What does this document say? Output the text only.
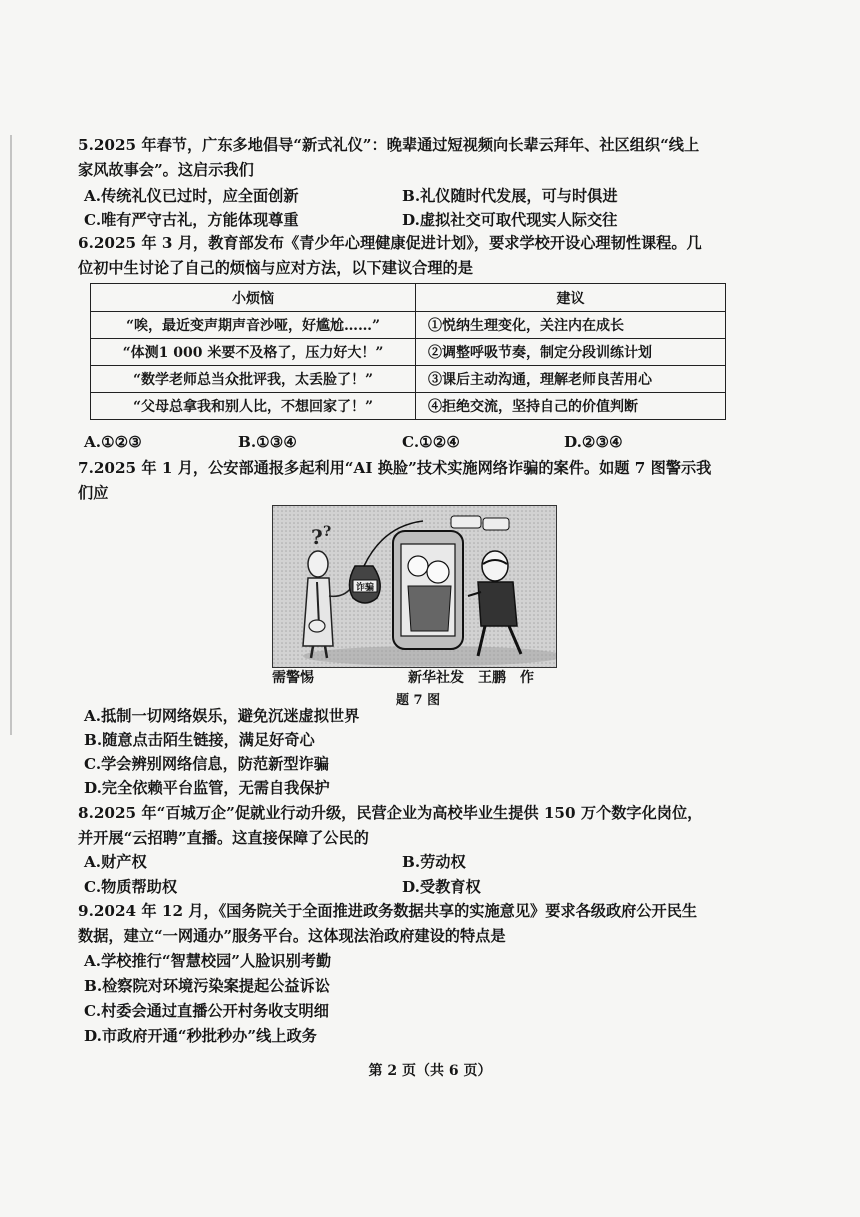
5.2025 年春节，广东多地倡导“新式礼仪”：晚辈通过短视频向长辈云拜年、社区组织“线上
家风故事会”。这启示我们
A.传统礼仪已过时，应全面创新	B.礼仪随时代发展，可与时俱进
C.唯有严守古礼，方能体现尊重	D.虚拟社交可取代现实人际交往
6.2025 年 3 月，教育部发布《青少年心理健康促进计划》，要求学校开设心理韧性课程。几
位初中生讨论了自己的烦恼与应对方法，以下建议合理的是
小烦恼	建议
“唉，最近变声期声音沙哑，好尴尬……”	①悦纳生理变化，关注内在成长
“体测1 000 米要不及格了，压力好大！”	②调整呼吸节奏，制定分段训练计划
“数学老师总当众批评我，太丢脸了！”	③课后主动沟通，理解老师良苦用心
“父母总拿我和别人比，不想回家了！”	④拒绝交流，坚持自己的价值判断
A.①②③	B.①③④	C.①②④	D.②③④
7.2025 年 1 月，公安部通报多起利用“AI 换脸”技术实施网络诈骗的案件。如题 7 图警示我
们应
? ?
诈骗
需警惕	新华社发　王鹏　作
题 7 图
A.抵制一切网络娱乐，避免沉迷虚拟世界
B.随意点击陌生链接，满足好奇心
C.学会辨别网络信息，防范新型诈骗
D.完全依赖平台监管，无需自我保护
8.2025 年“百城万企”促就业行动升级，民营企业为高校毕业生提供 150 万个数字化岗位，
并开展“云招聘”直播。这直接保障了公民的
A.财产权	B.劳动权
C.物质帮助权	D.受教育权
9.2024 年 12 月，《国务院关于全面推进政务数据共享的实施意见》要求各级政府公开民生
数据，建立“一网通办”服务平台。这体现法治政府建设的特点是
A.学校推行“智慧校园”人脸识别考勤
B.检察院对环境污染案提起公益诉讼
C.村委会通过直播公开村务收支明细
D.市政府开通“秒批秒办”线上政务
第 2 页（共 6 页）
